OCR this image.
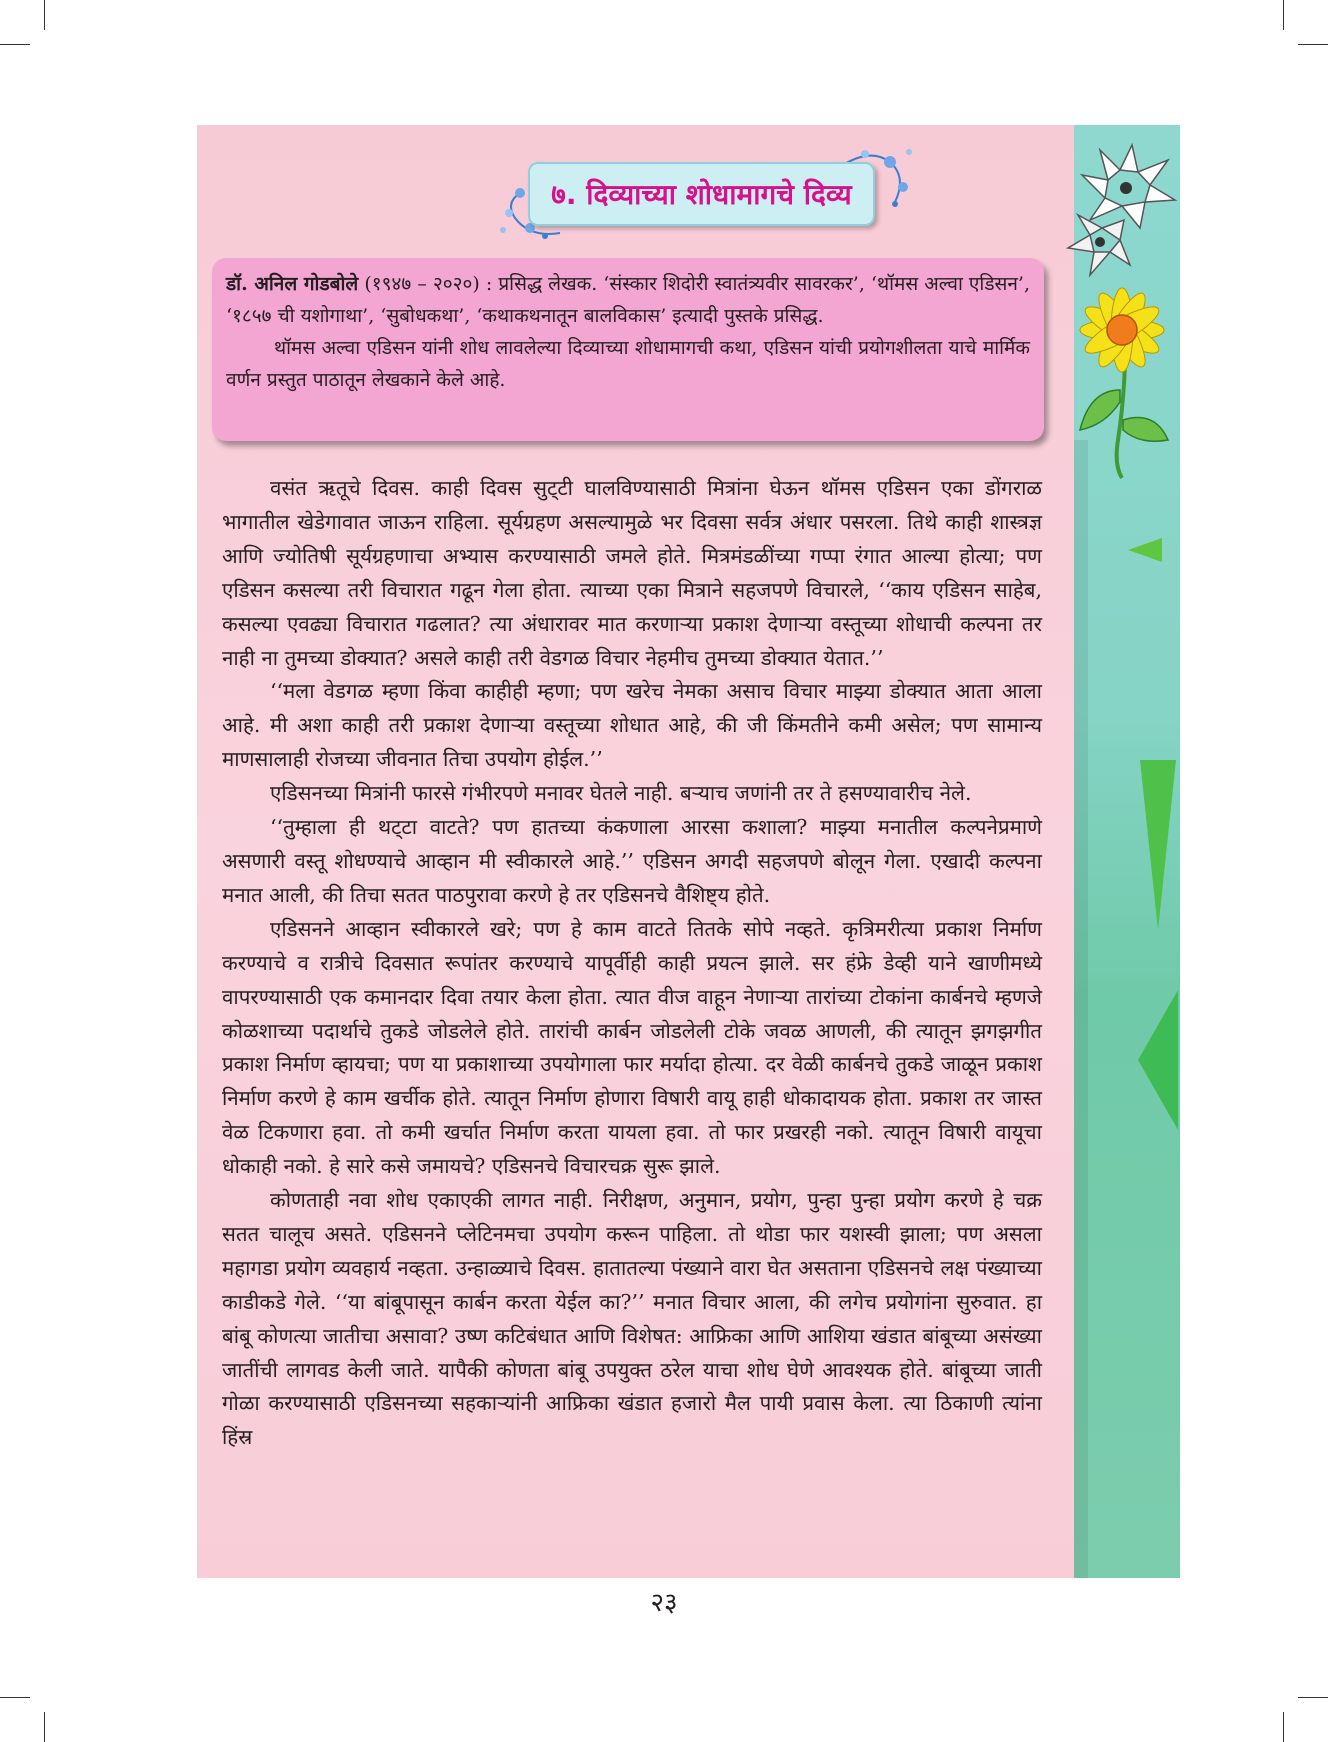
७. दिव्याच्या शोधामागचे दिव्य

डॉ. अनिल गोडबोले (१९४७ – २०२०) : प्रसिद्ध लेखक. ‘संस्कार शिदोरी स्वातंत्र्यवीर सावरकर’, ‘थॉमस अल्वा एडिसन’, ‘१८५७ ची यशोगाथा’, ‘सुबोधकथा’, ‘कथाकथनातून बालविकास’ इत्यादी पुस्तके प्रसिद्ध.

थॉमस अल्वा एडिसन यांनी शोध लावलेल्या दिव्याच्या शोधामागची कथा, एडिसन यांची प्रयोगशीलता याचे मार्मिक वर्णन प्रस्तुत पाठातून लेखकाने केले आहे.

वसंत ऋतूचे दिवस. काही दिवस सुट्‌टी घालविण्यासाठी मित्रांना घेऊन थॉमस एडिसन एका डोंगराळ भागातील खेडेगावात जाऊन राहिला. सूर्यग्रहण असल्यामुळे भर दिवसा सर्वत्र अंधार पसरला. तिथे काही शास्त्रज्ञ आणि ज्योतिषी सूर्यग्रहणाचा अभ्यास करण्यासाठी जमले होते. मित्रमंडळींच्या गप्पा रंगात आल्या होत्या; पण एडिसन कसल्या तरी विचारात गढून गेला होता. त्याच्या एका मित्राने सहजपणे विचारले, ‘‘काय एडिसन साहेब, कसल्या एवढ्या विचारात गढलात? त्या अंधारावर मात करणाऱ्या प्रकाश देणाऱ्या वस्तूच्या शोधाची कल्पना तर नाही ना तुमच्या डोक्यात? असले काही तरी वेडगळ विचार नेहमीच तुमच्या डोक्यात येतात.’’

‘‘मला वेडगळ म्हणा किंवा काहीही म्हणा; पण खरेच नेमका असाच विचार माझ्या डोक्यात आता आला आहे. मी अशा काही तरी प्रकाश देणाऱ्या वस्तूच्या शोधात आहे, की जी किंमतीने कमी असेल; पण सामान्य माणसालाही रोजच्या जीवनात तिचा उपयोग होईल.’’

एडिसनच्या मित्रांनी फारसे गंभीरपणे मनावर घेतले नाही. बऱ्याच जणांनी तर ते हसण्यावारीच नेले.

‘‘तुम्हाला ही थट्‌टा वाटते? पण हातच्या कंकणाला आरसा कशाला? माझ्या मनातील कल्पनेप्रमाणे असणारी वस्तू शोधण्याचे आव्हान मी स्वीकारले आहे.’’ एडिसन अगदी सहजपणे बोलून गेला. एखादी कल्पना मनात आली, की तिचा सतत पाठपुरावा करणे हे तर एडिसनचे वैशिष्ट्य होते.

एडिसनने आव्हान स्वीकारले खरे; पण हे काम वाटते तितके सोपे नव्हते. कृत्रिमरीत्या प्रकाश निर्माण करण्याचे व रात्रीचे दिवसात रूपांतर करण्याचे यापूर्वीही काही प्रयत्न झाले. सर हंफ्रे डेव्ही याने खाणीमध्ये वापरण्यासाठी एक कमानदार दिवा तयार केला होता. त्यात वीज वाहून नेणाऱ्या तारांच्या टोकांना कार्बनचे म्हणजे कोळशाच्या पदार्थाचे तुकडे जोडलेले होते. तारांची कार्बन जोडलेली टोके जवळ आणली, की त्यातून झगझगीत प्रकाश निर्माण व्हायचा; पण या प्रकाशाच्या उपयोगाला फार मर्यादा होत्या. दर वेळी कार्बनचे तुकडे जाळून प्रकाश निर्माण करणे हे काम खर्चीक होते. त्यातून निर्माण होणारा विषारी वायू हाही धोकादायक होता. प्रकाश तर जास्त वेळ टिकणारा हवा. तो कमी खर्चात निर्माण करता यायला हवा. तो फार प्रखरही नको. त्यातून विषारी वायूचा धोकाही नको. हे सारे कसे जमायचे? एडिसनचे विचारचक्र सुरू झाले.

कोणताही नवा शोध एकाएकी लागत नाही. निरीक्षण, अनुमान, प्रयोग, पुन्हा पुन्हा प्रयोग करणे हे चक्र सतत चालूच असते. एडिसनने प्लेटिनमचा उपयोग करून पाहिला. तो थोडा फार यशस्वी झाला; पण असला महागडा प्रयोग व्यवहार्य नव्हता. उन्हाळ्याचे दिवस. हातातल्या पंख्याने वारा घेत असताना एडिसनचे लक्ष पंख्याच्या काडीकडे गेले. ‘‘या बांबूपासून कार्बन करता येईल का?’’ मनात विचार आला, की लगेच प्रयोगांना सुरुवात. हा बांबू कोणत्या जातीचा असावा? उष्ण कटिबंधात आणि विशेषत: आफ्रिका आणि आशिया खंडात बांबूच्या असंख्या जातींची लागवड केली जाते. यापैकी कोणता बांबू उपयुक्त ठरेल याचा शोध घेणे आवश्यक होते. बांबूच्या जाती गोळा करण्यासाठी एडिसनच्या सहकाऱ्यांनी आफ्रिका खंडात हजारो मैल पायी प्रवास केला. त्या ठिकाणी त्यांना हिंस्र

२३
